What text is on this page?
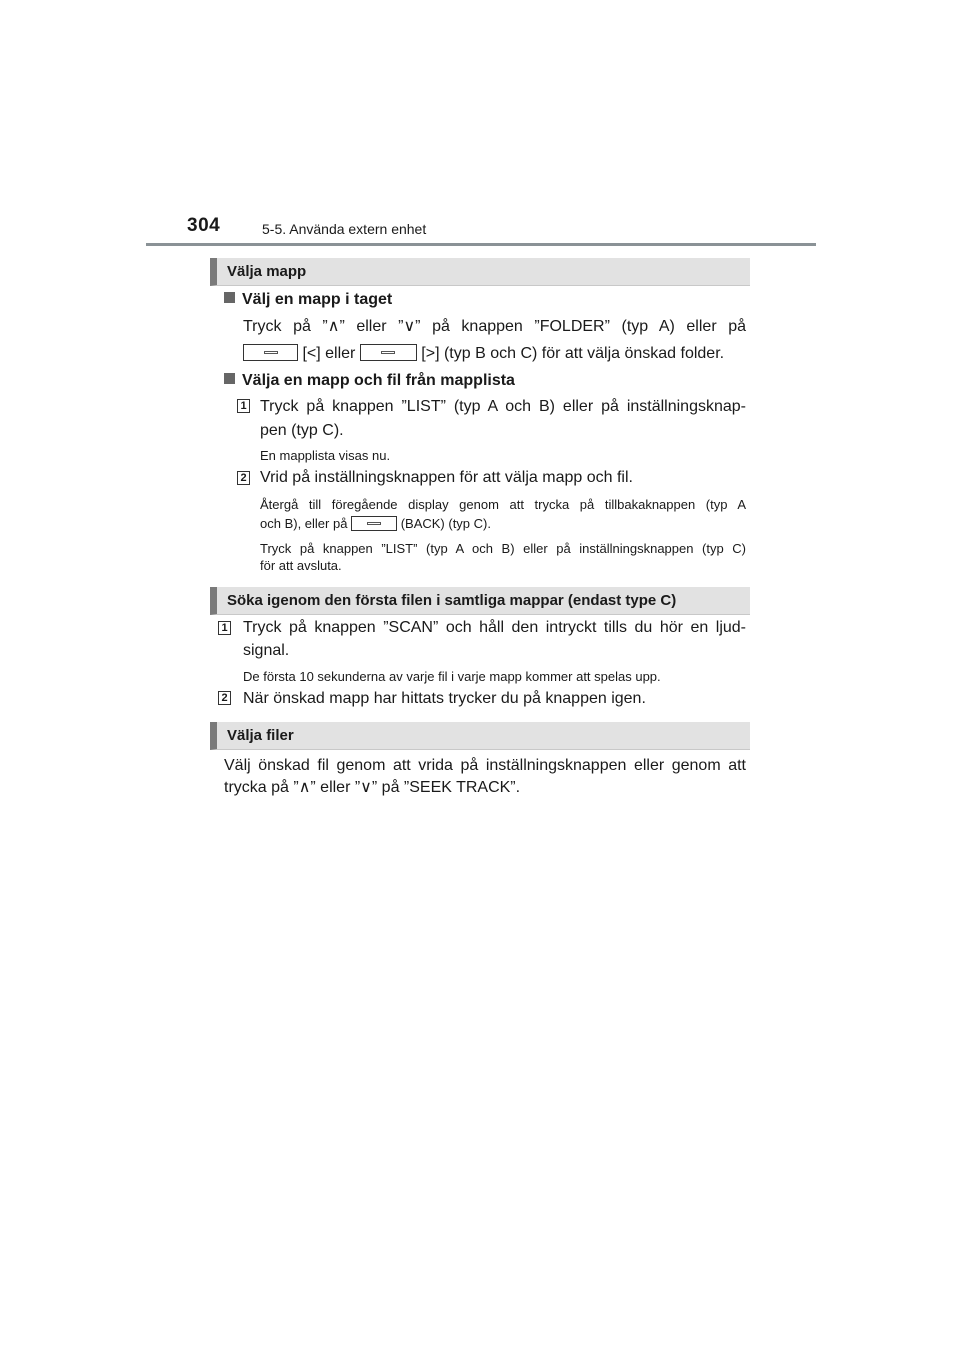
304	5-5. Använda extern enhet
Välja mapp
Välj en mapp i taget
Tryck på ”∧” eller ”∨” på knappen ”FOLDER” (typ A) eller på
[<] eller	[>] (typ B och C) för att välja önskad folder.
Välja en mapp och fil från mapplista
1 Tryck på knappen ”LIST” (typ A och B) eller på inställningsknap-
pen (typ C).
En mapplista visas nu.
2 Vrid på inställningsknappen för att välja mapp och fil.
Återgå till föregående display genom att trycka på tillbakaknappen (typ A
och B), eller på	(BACK) (typ C).
Tryck på knappen ”LIST” (typ A och B) eller på inställningsknappen (typ C)
för att avsluta.
Söka igenom den första filen i samtliga mappar (endast type C)
1 Tryck på knappen ”SCAN” och håll den intryckt tills du hör en ljud-
signal.
De första 10 sekunderna av varje fil i varje mapp kommer att spelas upp.
2 När önskad mapp har hittats trycker du på knappen igen.
Välja filer
Välj önskad fil genom att vrida på inställningsknappen eller genom att
trycka på ”∧” eller ”∨” på ”SEEK TRACK”.
